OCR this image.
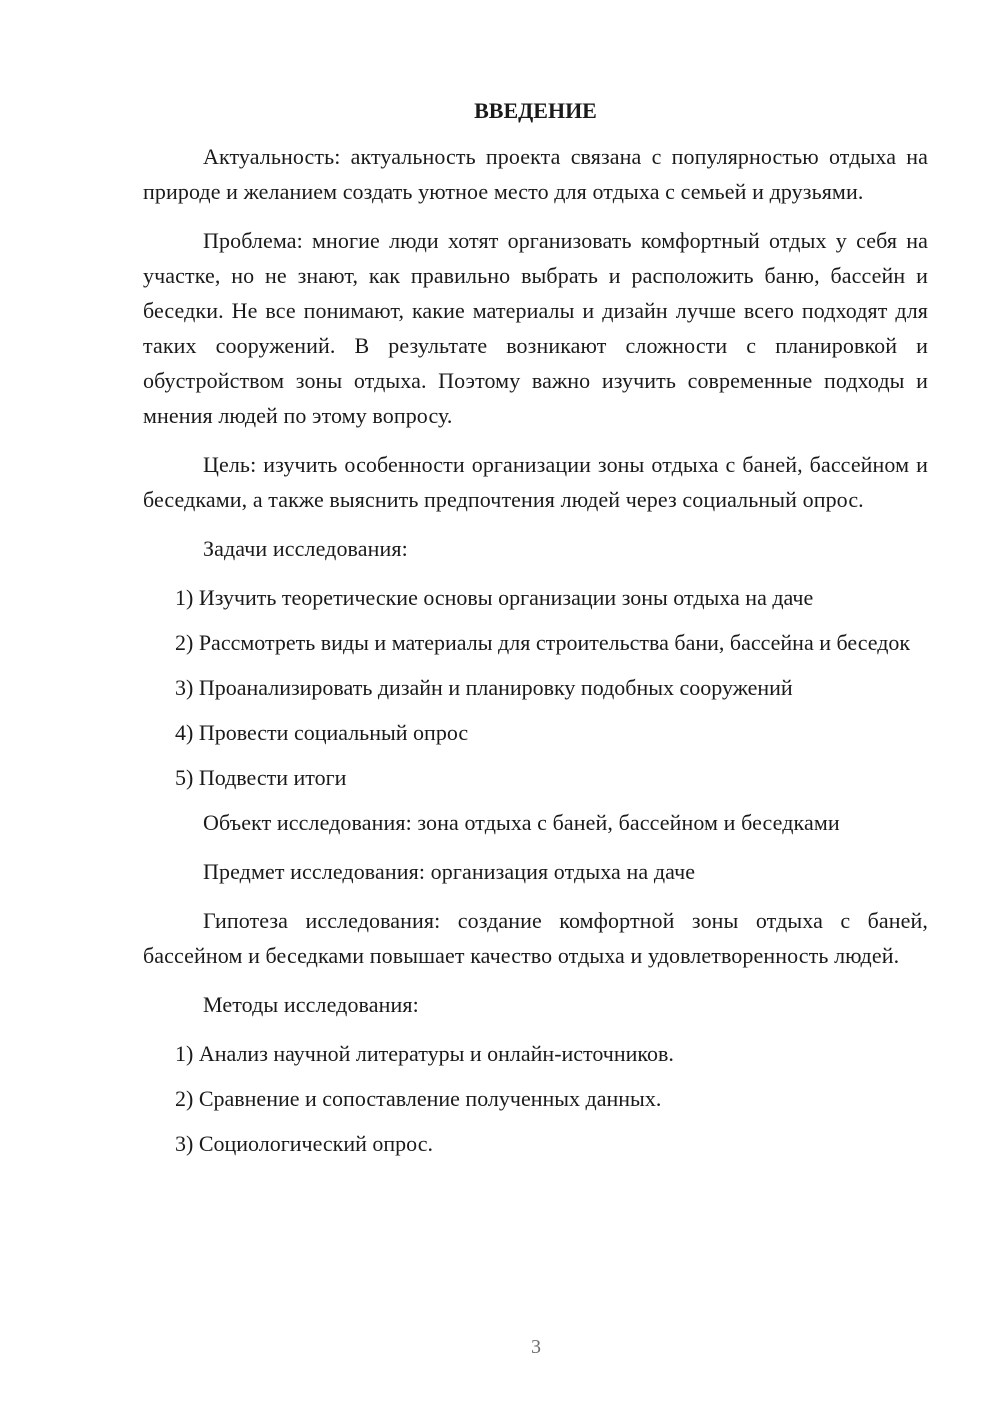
ВВЕДЕНИЕ

Актуальность: актуальность проекта связана с популярностью отдыха на природе и желанием создать уютное место для отдыха с семьей и друзьями.

Проблема: многие люди хотят организовать комфортный отдых у себя на участке, но не знают, как правильно выбрать и расположить баню, бассейн и беседки. Не все понимают, какие материалы и дизайн лучше всего подходят для таких сооружений. В результате возникают сложности с планировкой и обустройством зоны отдыха. Поэтому важно изучить современные подходы и мнения людей по этому вопросу.

Цель: изучить особенности организации зоны отдыха с баней, бассейном и беседками, а также выяснить предпочтения людей через социальный опрос.

Задачи исследования:

1) Изучить теоретические основы организации зоны отдыха на даче

2) Рассмотреть виды и материалы для строительства бани, бассейна и беседок

3) Проанализировать дизайн и планировку подобных сооружений

4) Провести социальный опрос

5) Подвести итоги

Объект исследования: зона отдыха с баней, бассейном и беседками

Предмет исследования: организация отдыха на даче

Гипотеза исследования: создание комфортной зоны отдыха с баней, бассейном и беседками повышает качество отдыха и удовлетворенность людей.

Методы исследования:

1) Анализ научной литературы и онлайн-источников.

2) Сравнение и сопоставление полученных данных.

3) Социологический опрос.

3
